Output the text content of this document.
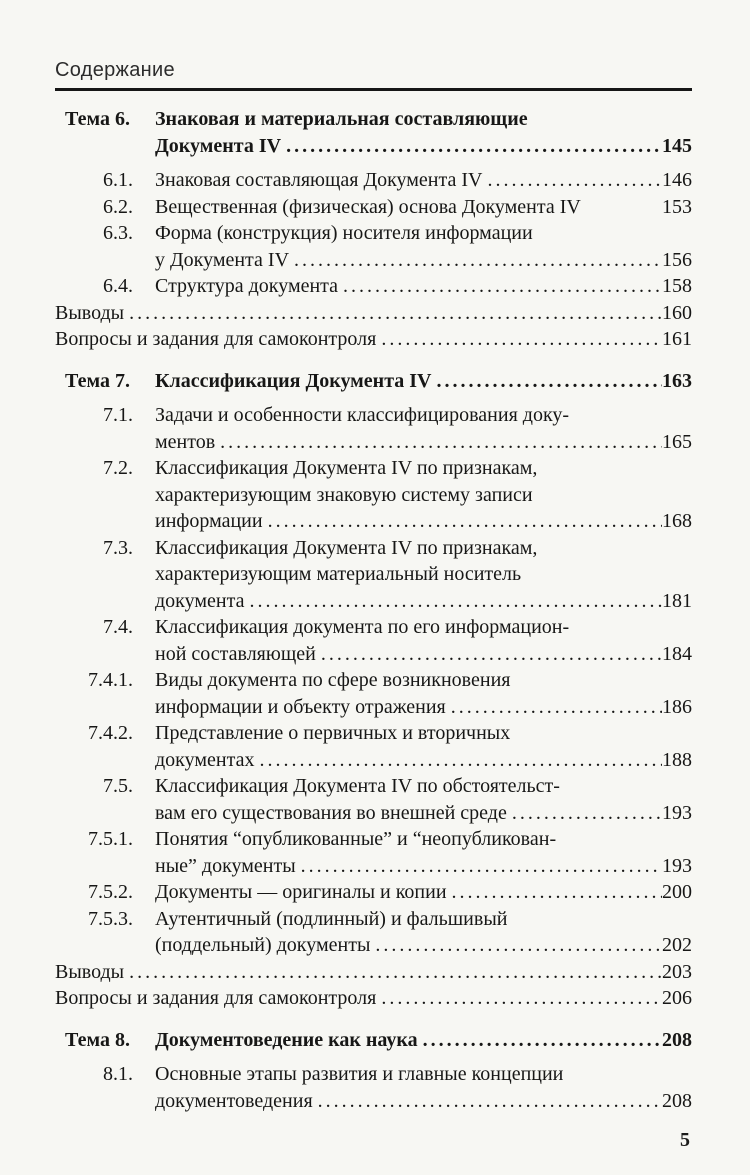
Содержание
Тема 6. Знаковая и материальная составляющие
Документа IV .....	145
6.1. Знаковая составляющая Документа IV .....	146
6.2. Вещественная (физическая) основа Документа IV	153
6.3. Форма (конструкция) носителя информации
у Документа IV .....	156
6.4. Структура документа .....	158
Выводы .....	160
Вопросы и задания для самоконтроля .....	161
Тема 7. Классификация Документа IV .....	163
7.1. Задачи и особенности классифицирования доку-
ментов .....	165
7.2. Классификация Документа IV по признакам,
характеризующим знаковую систему записи
информации .....	168
7.3. Классификация Документа IV по признакам,
характеризующим материальный носитель
документа .....	181
7.4. Классификация документа по его информацион-
ной составляющей .....	184
7.4.1. Виды документа по сфере возникновения
информации и объекту отражения .....	186
7.4.2. Представление о первичных и вторичных
документах .....	188
7.5. Классификация Документа IV по обстоятельст-
вам его существования во внешней среде .....	193
7.5.1. Понятия “опубликованные” и “неопубликован-
ные” документы .....	193
7.5.2. Документы — оригиналы и копии .....	200
7.5.3. Аутентичный (подлинный) и фальшивый
(поддельный) документы .....	202
Выводы .....	203
Вопросы и задания для самоконтроля .....	206
Тема 8. Документоведение как наука .....	208
8.1. Основные этапы развития и главные концепции
документоведения .....	208
5
